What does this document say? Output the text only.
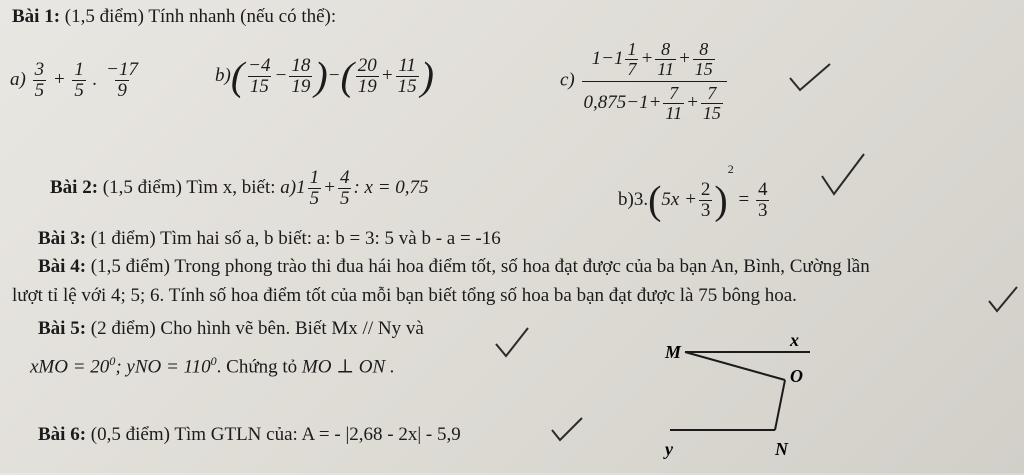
Bài 1: (1,5 điểm) Tính nhanh (nếu có thể):
$a) \frac{3}{5} + \frac{1}{5}$ . $\frac{-17}{9}$	$b)( \frac{-4}{15} - \frac{18}{19}$ )−( $\frac{20}{19} + \frac{11}{15}$ )	$c) \frac{1-1 \frac{1}{7} + \frac{8}{11} + \frac{8}{15}}{0,875-1+ \frac{7}{11} + \frac{7}{15}}$
Bài 2: (1,5 điểm) Tìm x, biết: $a)1 \frac{1}{5} + \frac{4}{5}$ : x = 0,75
$b)3.(5x + \frac{2}{3} )^2 = \frac{4}{3}$
Bài 3: (1 điểm) Tìm hai số a, b biết: a: b = 3: 5 và b - a = -16
Bài 4: (1,5 điểm) Trong phong trào thi đua hái hoa điểm tốt, số hoa đạt được của ba bạn An, Bình, Cường lần
lượt tỉ lệ với 4; 5; 6. Tính số hoa điểm tốt của mỗi bạn biết tổng số hoa ba bạn đạt được là 75 bông hoa.
Bài 5: (2 điểm) Cho hình vẽ bên. Biết Mx // Ny và
xMO = $20^0$; yNO = $110^0$. Chứng tỏ MO ⊥ ON .
Bài 6: (0,5 điểm) Tìm GTLN của: A = - |2,68 - 2x| - 5,9
M
x
O
y	N
